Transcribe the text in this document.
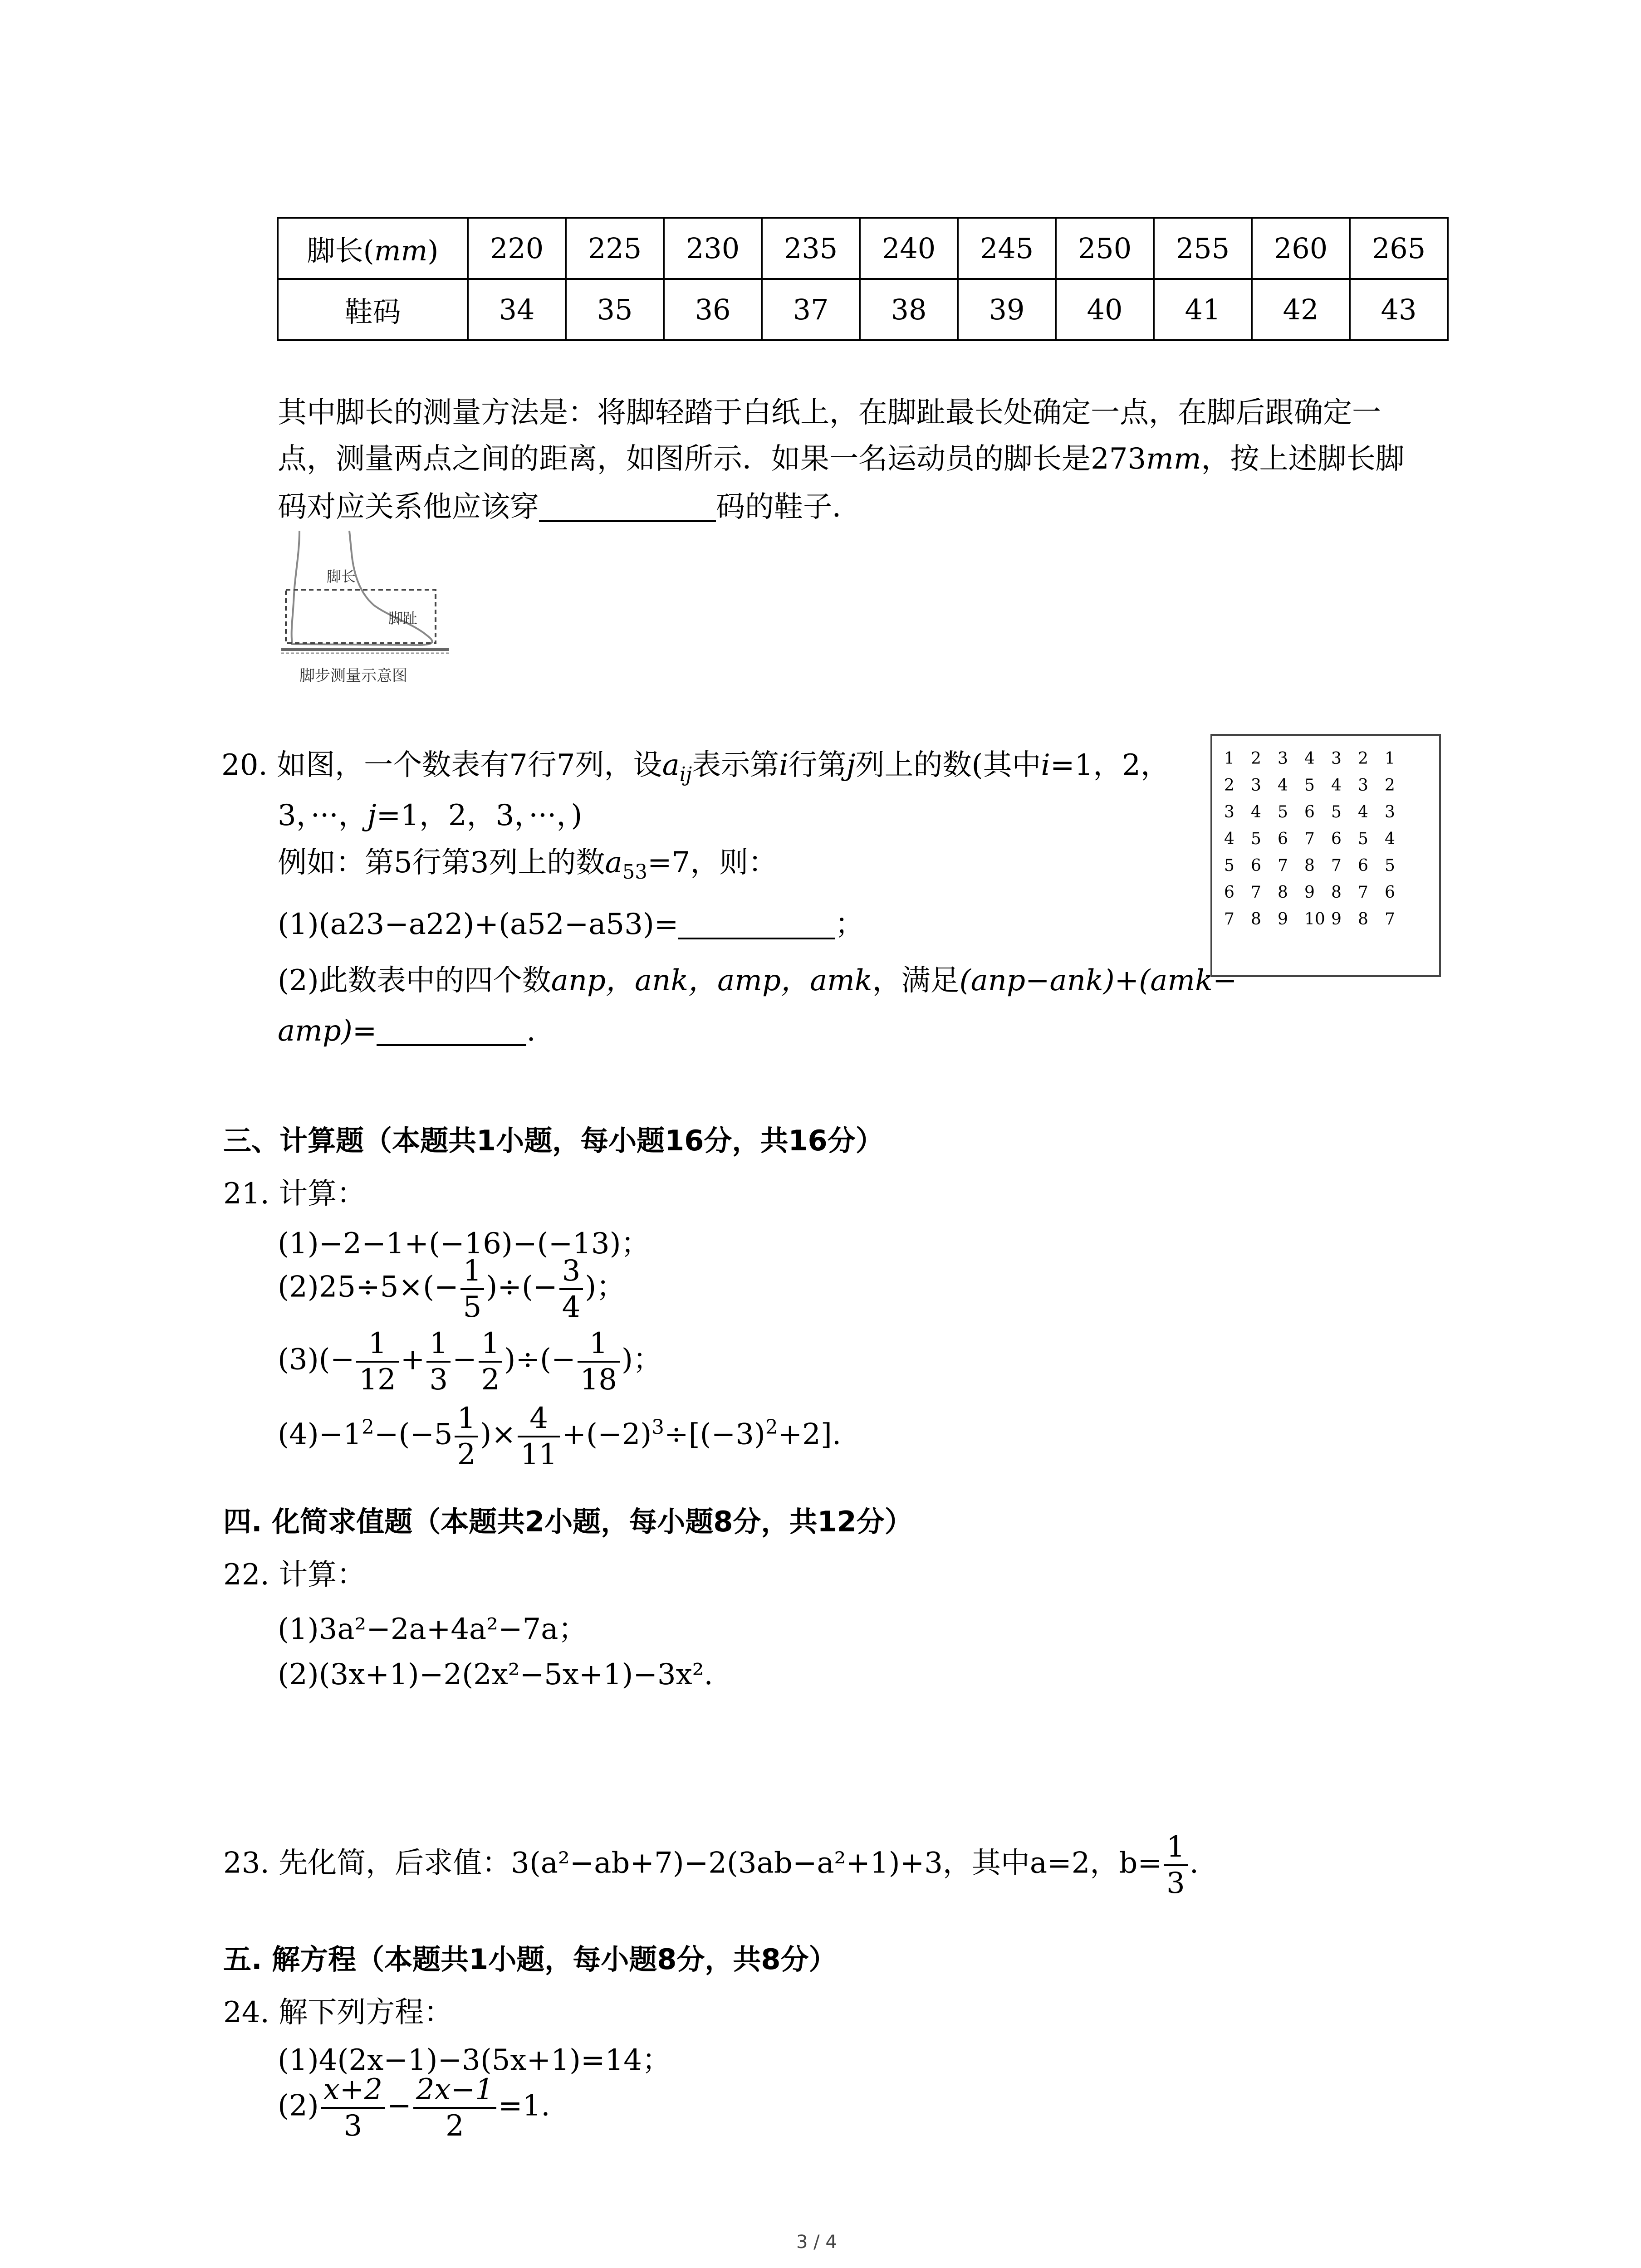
脚长(mm)	220	225	230	235	240	245	250	255	260	265
鞋码	34	35	36	37	38	39	40	41	42	43
其中脚长的测量方法是：将脚轻踏于白纸上，在脚趾最长处确定一点，在脚后跟确定一
点，测量两点之间的距离，如图所示．如果一名运动员的脚长是273mm，按上述脚长脚
码对应关系他应该穿	码的鞋子．
脚长
脚趾
脚步测量示意图
20. 如图，一个数表有7行7列，设$a_{ij}$表示第i行第j列上的数(其中i=1，2，
3，···，j=1，2，3，···，)
例如：第5行第3列上的数$a_{53}=7$，则：
(1)(a23−a22)+(a52−a53)=	；
(2)此数表中的四个数anp，ank，amp，amk，满足(anp−ank)+(amk−
amp)=	.
1 2 3 4 3 2 1
2 3 4 5 4 3 2
3 4 5 6 5 4 3
4 5 6 7 6 5 4
5 6 7 8 7 6 5
6 7 8 9 8 7 6
7 8 9 10 9 8 7
三、计算题（本题共1小题，每小题16分，共16分）
21. 计算：
(1)−2−1+(−16)−(−13)；
$(2)25\div 5\times(- \frac{1}{5}$ )÷(− $\frac{3}{4}$ )；
$(3)(- \frac{1}{12} + \frac{1}{3} - \frac{1}{2}$ )÷(− $\frac{1}{18}$ )；
$(4)-1^2-(-5 \frac{1}{2}$ )× $\frac{4}{11} +(-2)^3\div[(-3)^2+2]$.
四. 化简求值题（本题共2小题，每小题8分，共12分）
22. 计算：
(1)3a²−2a+4a²−7a；
(2)(3x+1)−2(2x²−5x+1)−3x².
23. 先化简，后求值：3(a²−ab+7)−2(3ab−a²+1)+3，其中a=2，$b= \frac{1}{3}$ .
五. 解方程（本题共1小题，每小题8分，共8分）
24. 解下列方程：
(1)4(2x−1)−3(5x+1)=14；
$(2) \frac{x+2}{3} - \frac{2x-1}{2} =1$.
3 / 4
